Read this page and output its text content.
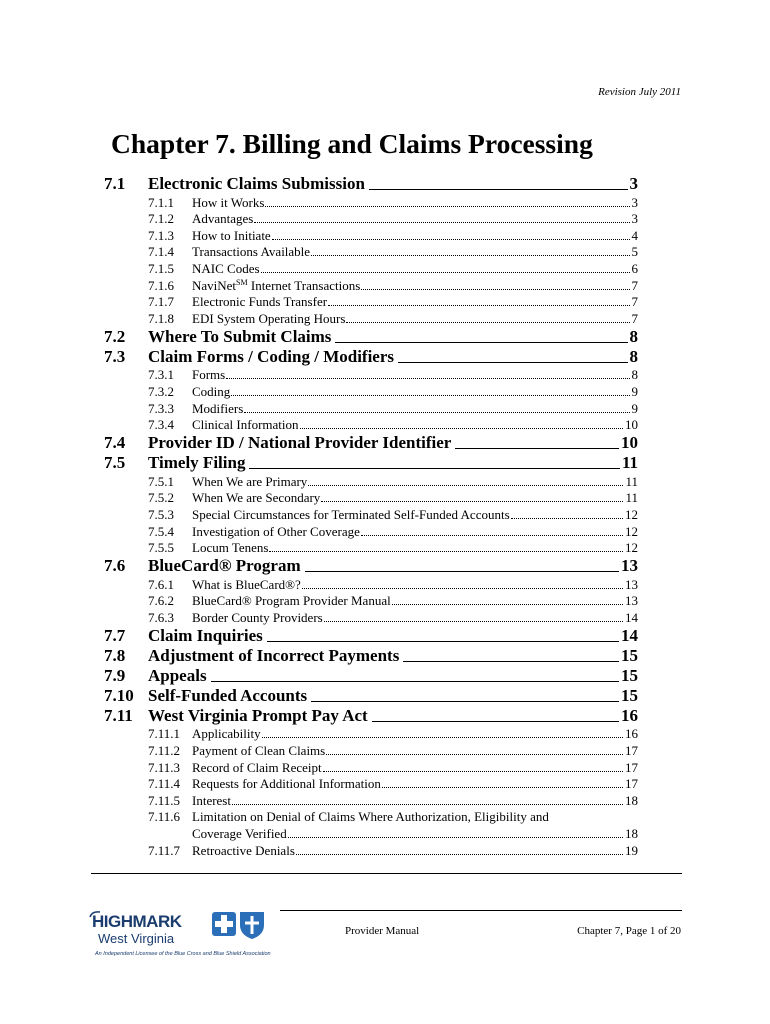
Revision July 2011
Chapter 7. Billing and Claims Processing
7.1	Electronic Claims Submission	3
7.1.1	How it Works	3
7.1.2	Advantages	3
7.1.3	How to Initiate	4
7.1.4	Transactions Available	5
7.1.5	NAIC Codes	6
7.1.6	NaviNet℠ Internet Transactions	7
7.1.7	Electronic Funds Transfer	7
7.1.8	EDI System Operating Hours	7
7.2	Where To Submit Claims	8
7.3	Claim Forms / Coding / Modifiers	8
7.3.1	Forms	8
7.3.2	Coding	9
7.3.3	Modifiers	9
7.3.4	Clinical Information	10
7.4	Provider ID / National Provider Identifier	10
7.5	Timely Filing	11
7.5.1	When We are Primary	11
7.5.2	When We are Secondary	11
7.5.3	Special Circumstances for Terminated Self-Funded Accounts	12
7.5.4	Investigation of Other Coverage	12
7.5.5	Locum Tenens	12
7.6	BlueCard® Program	13
7.6.1	What is BlueCard®?	13
7.6.2	BlueCard® Program Provider Manual	13
7.6.3	Border County Providers	14
7.7	Claim Inquiries	14
7.8	Adjustment of Incorrect Payments	15
7.9	Appeals	15
7.10 Self-Funded Accounts	15
7.11 West Virginia Prompt Pay Act	16
7.11.1 Applicability	16
7.11.2 Payment of Clean Claims	17
7.11.3 Record of Claim Receipt	17
7.11.4 Requests for Additional Information	17
7.11.5 Interest	18
7.11.6 Limitation on Denial of Claims Where Authorization, Eligibility and
Coverage Verified	18
7.11.7 Retroactive Denials	19
HIGHMARK
West Virginia
An Independent Licensee of the Blue Cross and Blue Shield Association
Provider Manual	Chapter 7, Page 1 of 20
